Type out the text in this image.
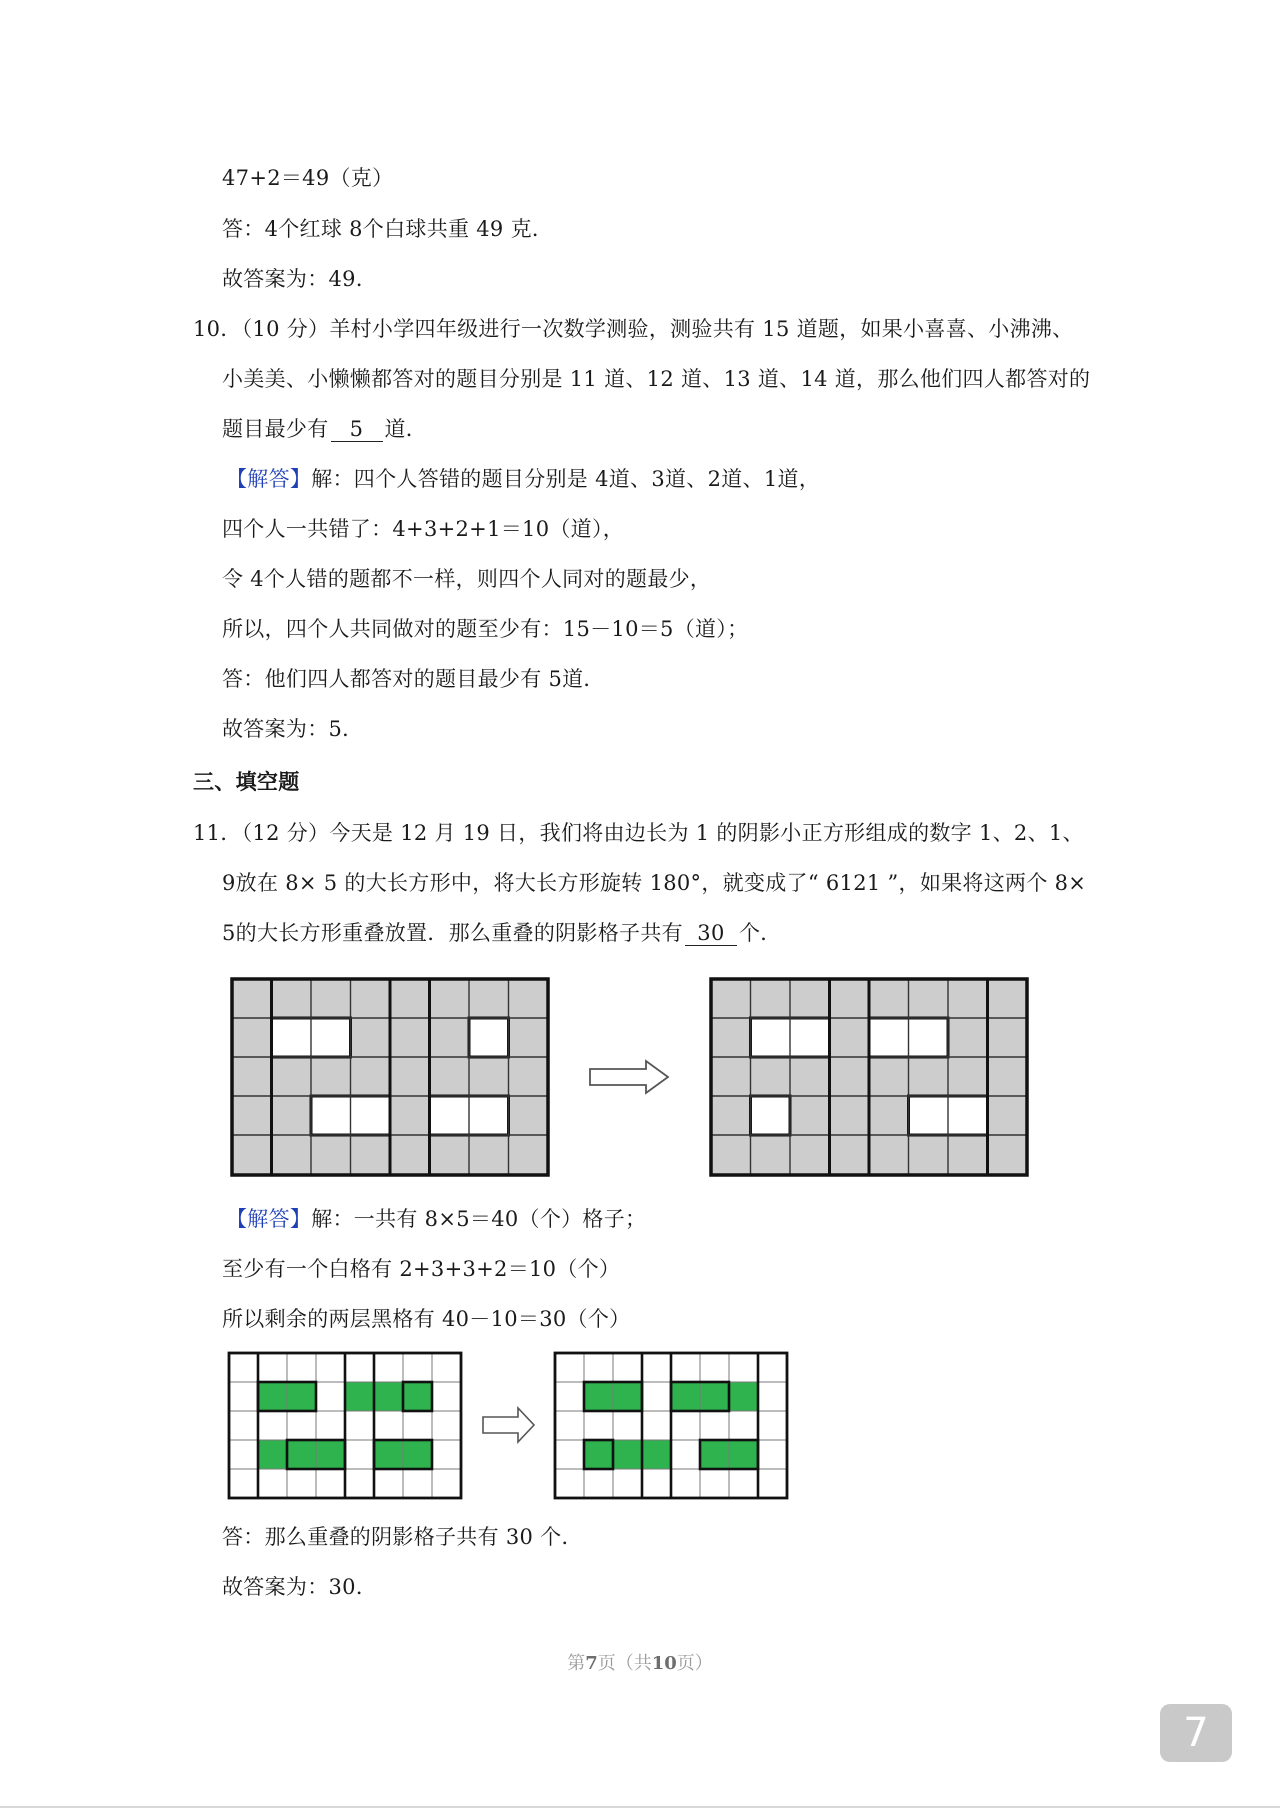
47+2＝49（克）
答：4个红球 8个白球共重 49 克．
故答案为：49．
10．（10 分）羊村小学四年级进行一次数学测验，测验共有 15 道题，如果小喜喜、小沸沸、
小美美、小懒懒都答对的题目分别是 11 道、12 道、13 道、14 道，那么他们四人都答对的
题目最少有 5 道．
【解答】解：四个人答错的题目分别是 4道、3道、2道、1道，
四个人一共错了：4+3+2+1＝10（道），
令 4个人错的题都不一样，则四个人同对的题最少，
所以，四个人共同做对的题至少有：15－10＝5（道）；
答：他们四人都答对的题目最少有 5道．
故答案为：5．
三、填空题
11．（12 分）今天是 12 月 19 日，我们将由边长为 1 的阴影小正方形组成的数字 1、2、1、
9放在 8× 5 的大长方形中，将大长方形旋转 180°，就变成了“ 6121 ”，如果将这两个 8×
5的大长方形重叠放置．那么重叠的阴影格子共有 30 个．
【解答】解：一共有 8×5＝40（个）格子；
至少有一个白格有 2+3+3+2＝10（个）
所以剩余的两层黑格有 40－10＝30（个）
答：那么重叠的阴影格子共有 30 个．
故答案为：30．
第7页（共10页）
7
